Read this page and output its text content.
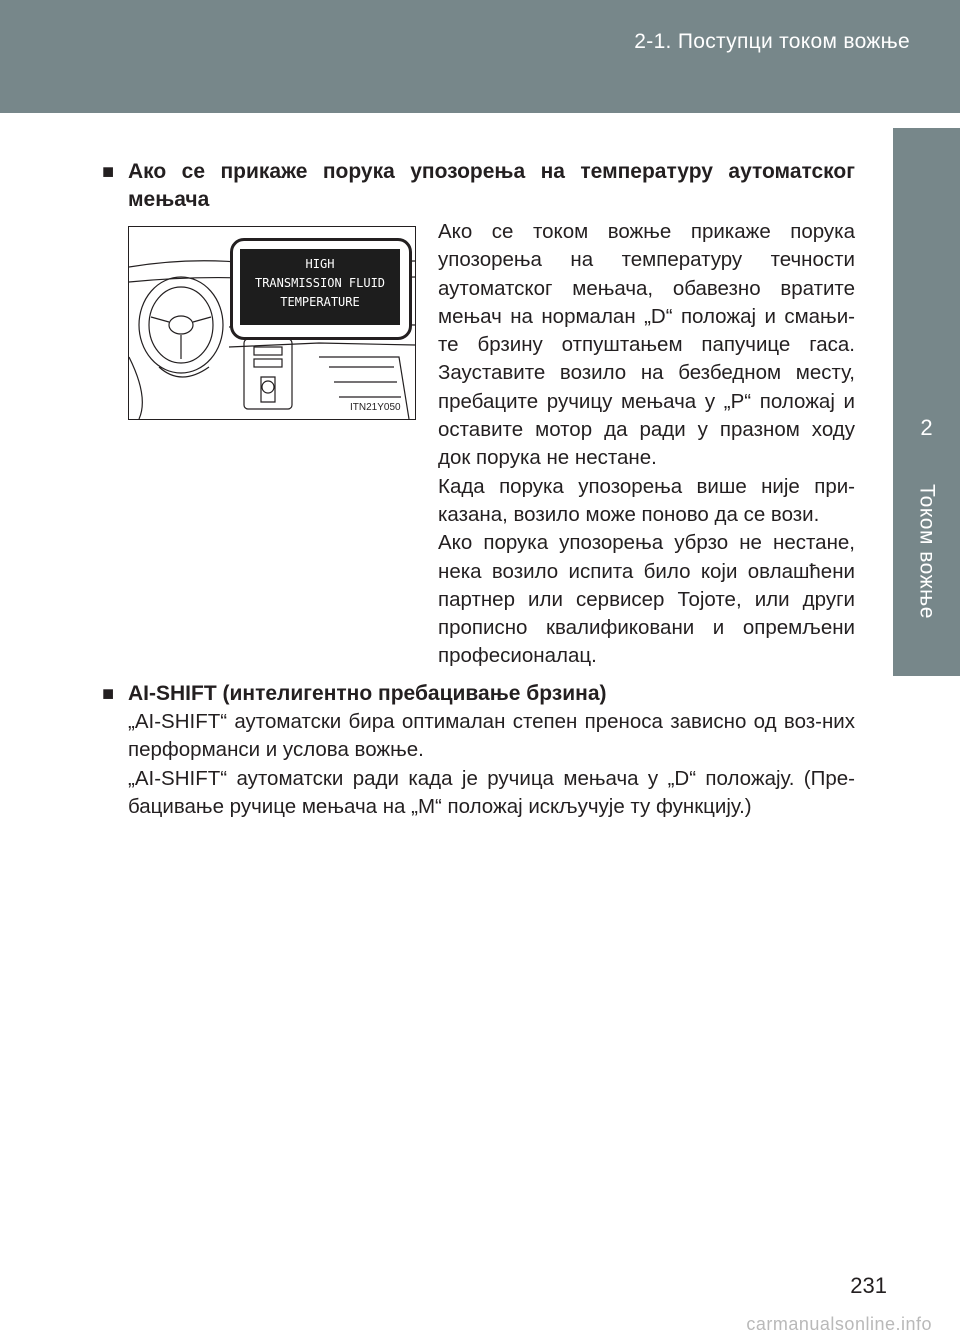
2-1. Поступци током вожње
2
Током вожње
■ Ако се прикаже порука упозорења на температуру аутоматског
мењача
HIGH
TRANSMISSION FLUID
TEMPERATURE
ITN21Y050

Ако се током вожње прикаже порука упозорења на температуру течности аутоматског мењача, обавезно вратите мењач на нормалан „D“ положај и смањи-те брзину отпуштањем папучице гаса. Зауставите возило на безбедном месту, пребаците ручицу мењача у „P“ положај и оставите мотор да ради у празном ходу док порука не нестане.

Када порука упозорења више није при-казана, возило може поново да се вози.

Ако порука упозорења убрзо не нестане, нека возило испита било који овлашћени партнер или сервисер Тојоте, или други прописно квалификовани и опремљени професионалац.

■ AI-SHIFT (интелигентно пребацивање брзина)

„AI-SHIFT“ аутоматски бира оптималан степен преноса зависно од воз-них перформанси и услова вожње.

„AI-SHIFT“ аутоматски ради када је ручица мењача у „D“ положају. (Пре-бацивање ручице мењача на „M“ положај искључује ту функцију.)

231
carmanualsonline.info
